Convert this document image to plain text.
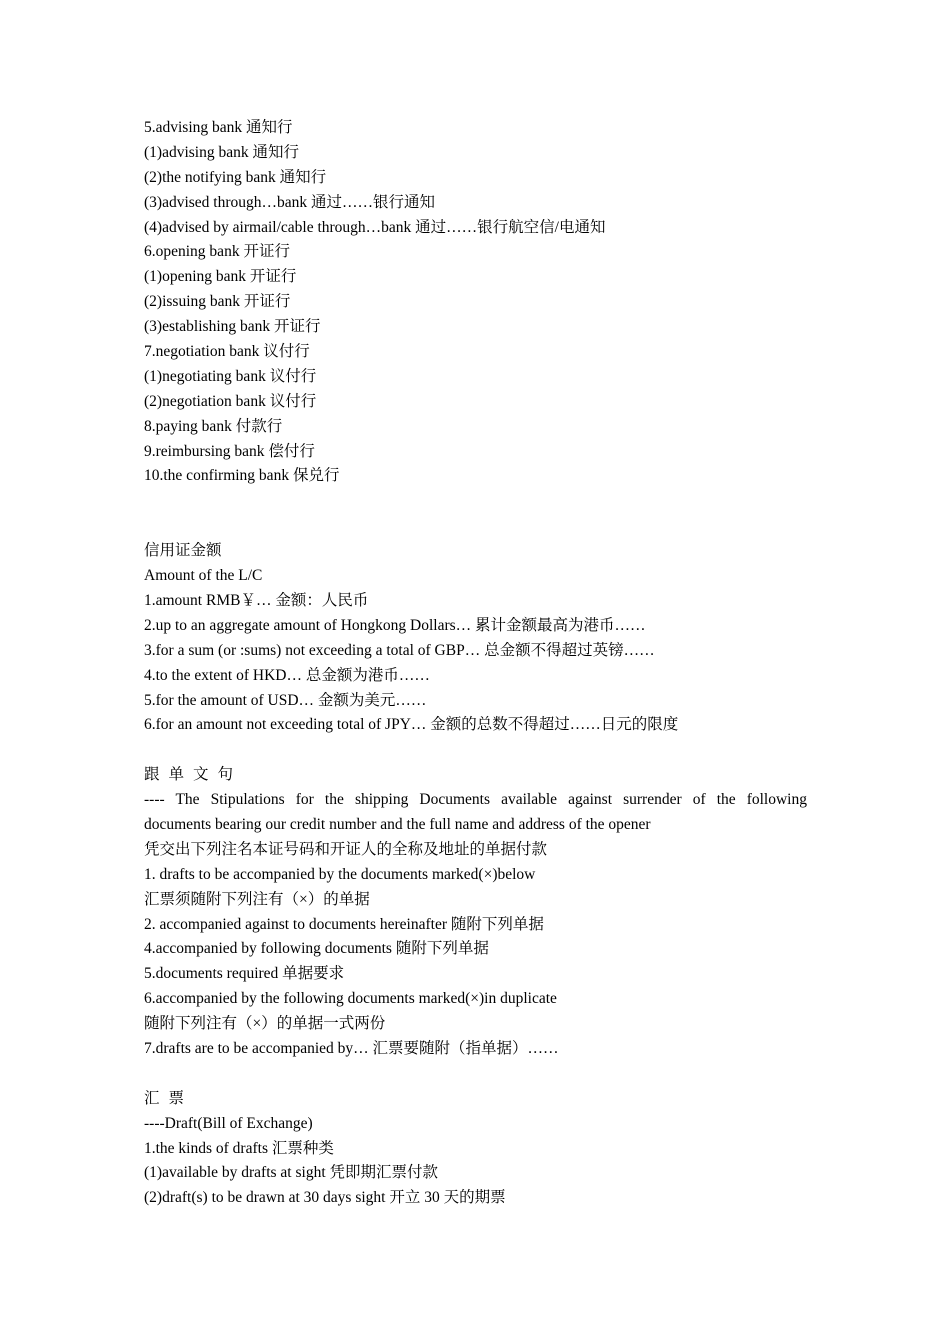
5.advising bank 通知行
(1)advising bank 通知行
(2)the notifying bank 通知行
(3)advised through…bank 通过……银行通知
(4)advised by airmail/cable through…bank 通过……银行航空信/电通知
6.opening bank 开证行
(1)opening bank 开证行
(2)issuing bank 开证行
(3)establishing bank 开证行
7.negotiation bank 议付行
(1)negotiating bank 议付行
(2)negotiation bank 议付行
8.paying bank 付款行
9.reimbursing bank 偿付行
10.the confirming bank 保兑行
信用证金额
Amount of the L/C
1.amount RMB￥… 金额：人民币
2.up to an aggregate amount of Hongkong Dollars… 累计金额最高为港币……
3.for a sum (or :sums) not exceeding a total of GBP… 总金额不得超过英镑……
4.to the extent of HKD… 总金额为港币……
5.for the amount of USD… 金额为美元……
6.for an amount not exceeding total of JPY… 金额的总数不得超过……日元的限度
跟单文句
---- The Stipulations for the shipping Documents available against surrender of the following
documents bearing our credit number and the full name and address of the opener
凭交出下列注名本证号码和开证人的全称及地址的单据付款
1. drafts to be accompanied by the documents marked(×)below
汇票须随附下列注有（×）的单据
2. accompanied against to documents hereinafter 随附下列单据
4.accompanied by following documents 随附下列单据
5.documents required 单据要求
6.accompanied by the following documents marked(×)in duplicate
随附下列注有（×）的单据一式两份
7.drafts are to be accompanied by… 汇票要随附（指单据）……
汇票
----Draft(Bill of Exchange)
1.the kinds of drafts 汇票种类
(1)available by drafts at sight 凭即期汇票付款
(2)draft(s) to be drawn at 30 days sight 开立 30 天的期票
